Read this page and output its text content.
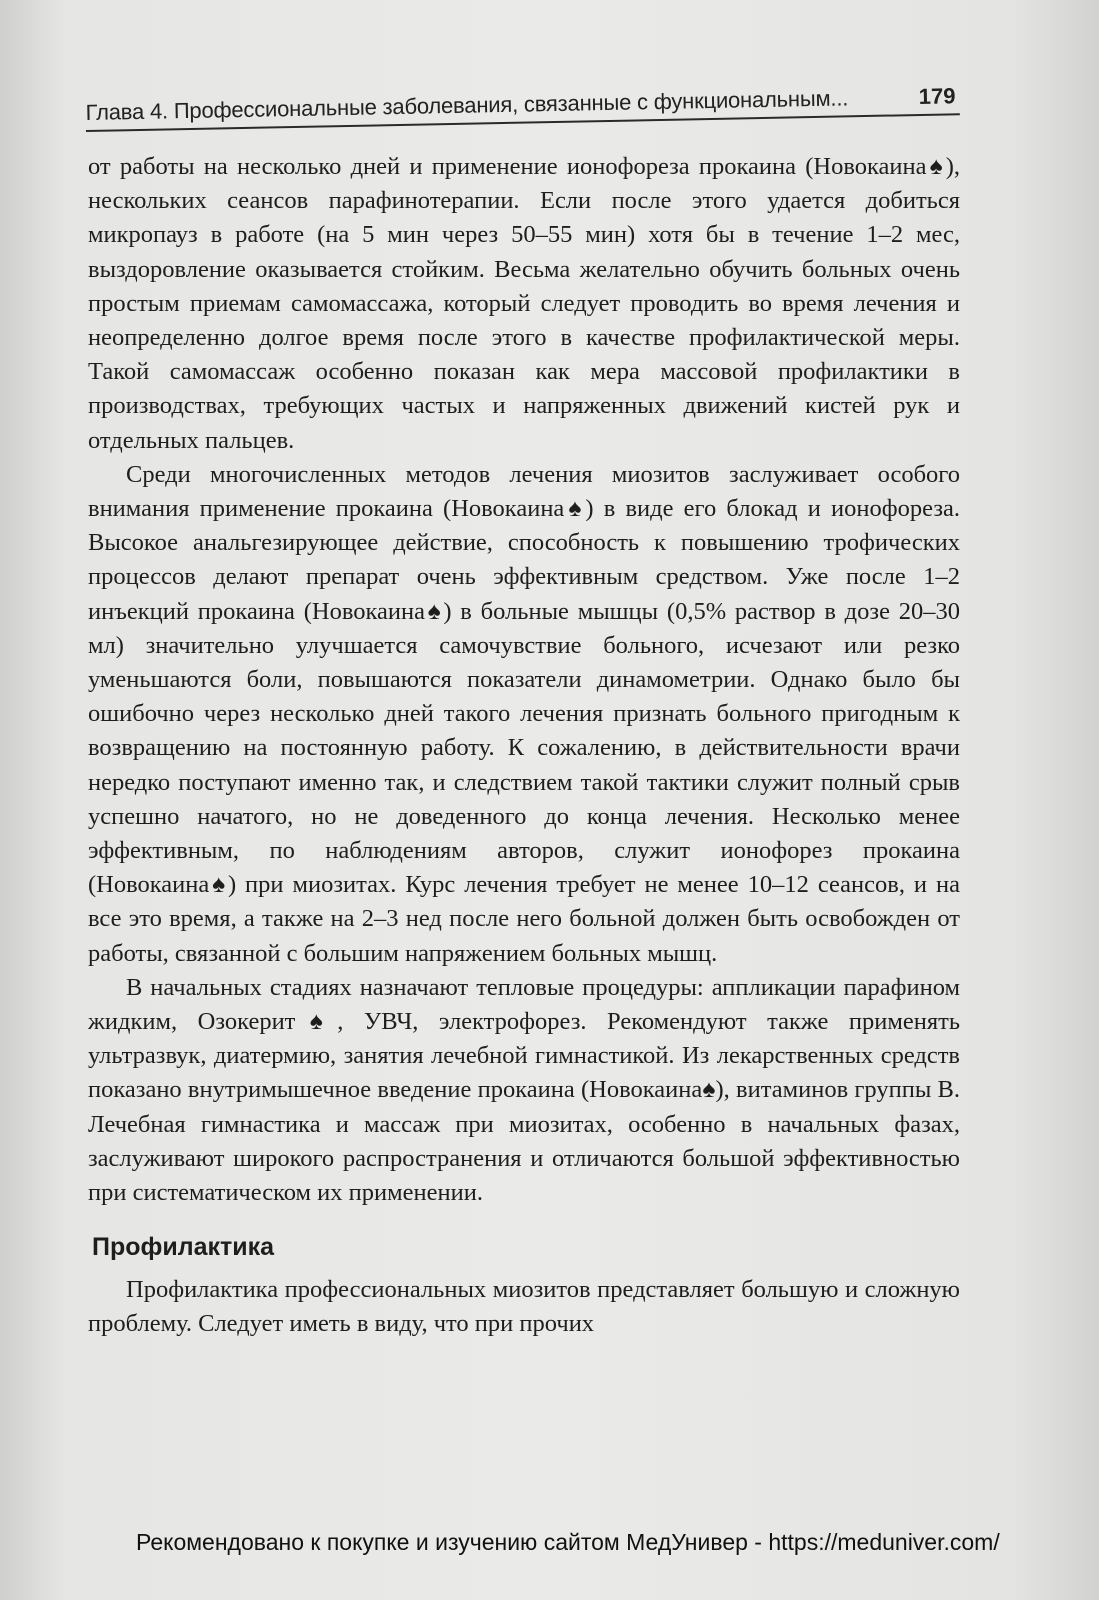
Глава 4. Профессиональные заболевания, связанные с функциональным...	179

от работы на несколько дней и применение ионофореза прокаина (Новокаина♠), нескольких сеансов парафинотерапии. Если после этого удается добиться микропауз в работе (на 5 мин через 50–55 мин) хотя бы в течение 1–2 мес, выздоровление оказывается стойким. Весьма желательно обучить больных очень простым приемам самомассажа, который следует проводить во время лечения и неопределенно долгое время после этого в качестве профилактической меры. Такой самомассаж особенно показан как мера массовой профилактики в производствах, требующих частых и напряженных движений кистей рук и отдельных пальцев.

Среди многочисленных методов лечения миозитов заслуживает особого внимания применение прокаина (Новокаина♠) в виде его блокад и ионофореза. Высокое анальгезирующее действие, способность к повышению трофических процессов делают препарат очень эффективным средством. Уже после 1–2 инъекций прокаина (Новокаина♠) в больные мышцы (0,5% раствор в дозе 20–30 мл) значительно улучшается самочувствие больного, исчезают или резко уменьшаются боли, повышаются показатели динамометрии. Однако было бы ошибочно через несколько дней такого лечения признать больного пригодным к возвращению на постоянную работу. К сожалению, в действительности врачи нередко поступают именно так, и следствием такой тактики служит полный срыв успешно начатого, но не доведенного до конца лечения. Несколько менее эффективным, по наблюдениям авторов, служит ионофорез прокаина (Новокаина♠) при миозитах. Курс лечения требует не менее 10–12 сеансов, и на все это время, а также на 2–3 нед после него больной должен быть освобожден от работы, связанной с большим напряжением больных мышц.

В начальных стадиях назначают тепловые процедуры: аппликации парафином жидким, Озокерит♠, УВЧ, электрофорез. Рекомендуют также применять ультразвук, диатермию, занятия лечебной гимнастикой. Из лекарственных средств показано внутримышечное введение прокаина (Новокаина♠), витаминов группы В. Лечебная гимнастика и массаж при миозитах, особенно в начальных фазах, заслуживают широкого распространения и отличаются большой эффективностью при систематическом их применении.

Профилактика

Профилактика профессиональных миозитов представляет большую и сложную проблему. Следует иметь в виду, что при прочих

Рекомендовано к покупке и изучению сайтом МедУнивер - https://meduniver.com/
